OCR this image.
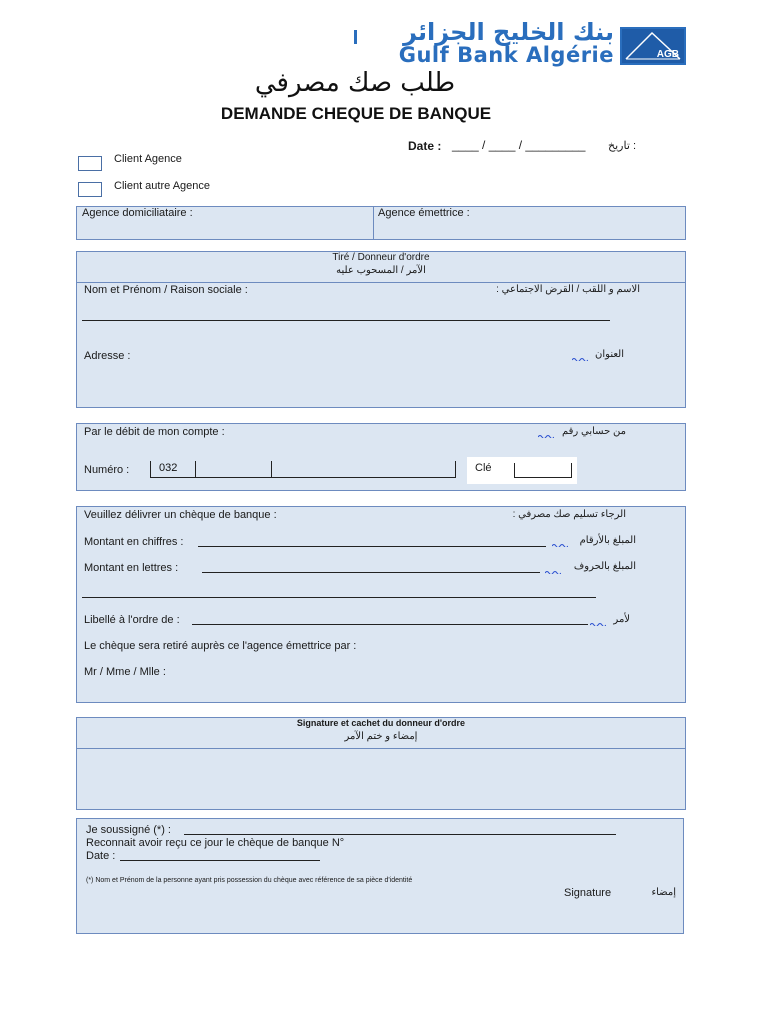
بنك الخليج الجزائر
Gulf Bank Algérie	AGB
طلب صك مصرفي
DEMANDE CHEQUE DE BANQUE
Date : ____ / ____ / _________	: تاريخ
Client Agence
Client autre Agence
Agence domiciliataire :	Agence émettrice :
Tiré / Donneur d'ordre
الآمر / المسحوب عليه
Nom et Prénom / Raison sociale :	الاسم و اللقب / القرض الاجتماعي :
Adresse :	العنوان
Par le débit de mon compte :	من حسابي رقم
Numéro :	032	Clé
Veuillez délivrer un chèque de banque :	الرجاء تسليم صك مصرفي :
Montant en chiffres :	المبلغ بالأرقام
Montant en lettres :	المبلغ بالحروف
Libellé à l'ordre de :	لأمر
Le chèque sera retiré auprès ce l'agence émettrice par :
Mr / Mme / Mlle :
Signature et cachet du donneur d'ordre
إمضاء و ختم الآمر
Je soussigné (*) :
Reconnait avoir reçu ce jour le chèque de banque N°
Date :
(*) Nom et Prénom de la personne ayant pris possession du chèque avec référence de sa pièce d'identité
Signature	إمضاء
